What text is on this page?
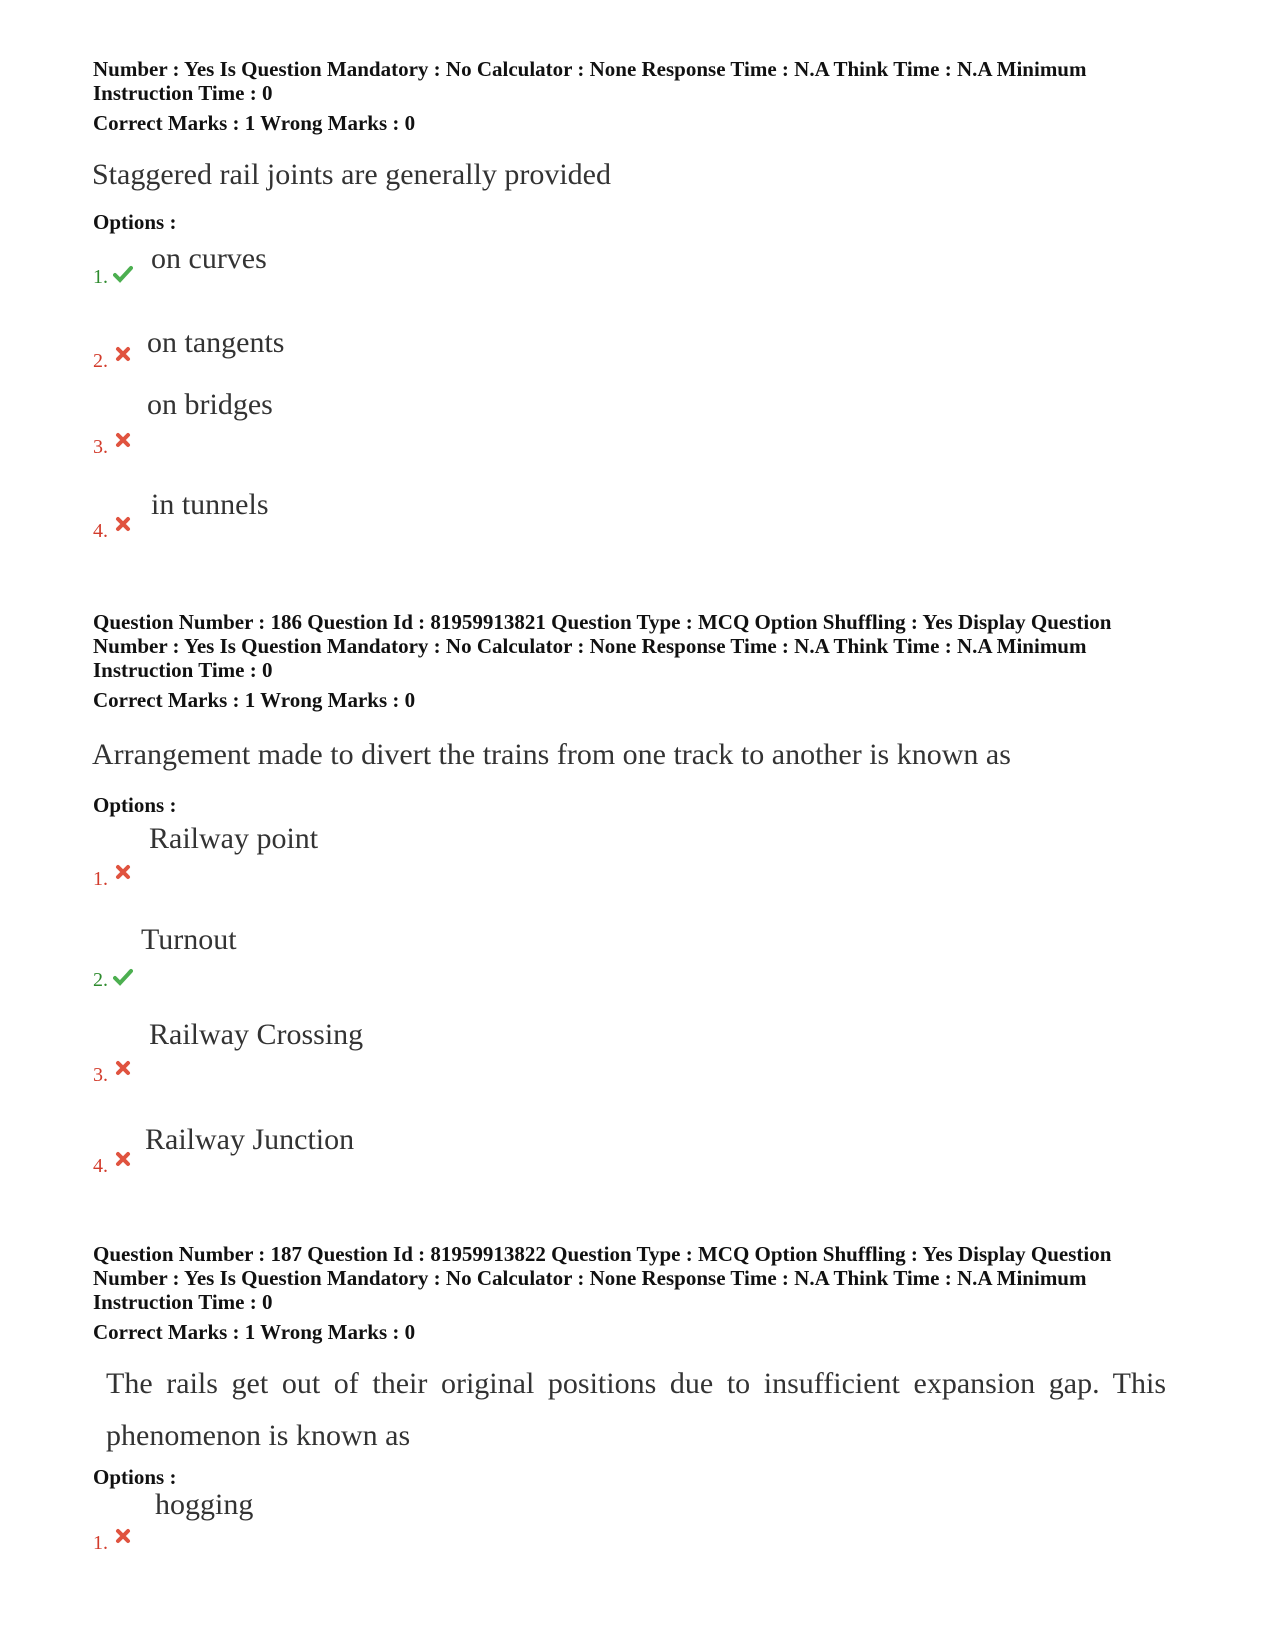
Number : Yes Is Question Mandatory : No Calculator : None Response Time : N.A Think Time : N.A Minimum

Instruction Time : 0

Correct Marks : 1 Wrong Marks : 0
Staggered rail joints are generally provided
Options :
1.
on curves
2.
on tangents
3.
on bridges
4.
in tunnels

Question Number : 186 Question Id : 81959913821 Question Type : MCQ Option Shuffling : Yes Display Question

Number : Yes Is Question Mandatory : No Calculator : None Response Time : N.A Think Time : N.A Minimum

Instruction Time : 0

Correct Marks : 1 Wrong Marks : 0
Arrangement made to divert the trains from one track to another is known as
Options :
1.
Railway point
2.
Turnout
3.
Railway Crossing
4.
Railway Junction

Question Number : 187 Question Id : 81959913822 Question Type : MCQ Option Shuffling : Yes Display Question

Number : Yes Is Question Mandatory : No Calculator : None Response Time : N.A Think Time : N.A Minimum

Instruction Time : 0

Correct Marks : 1 Wrong Marks : 0
The rails get out of their original positions due to insufficient expansion gap. This phenomenon is known as
Options :
1.
hogging
